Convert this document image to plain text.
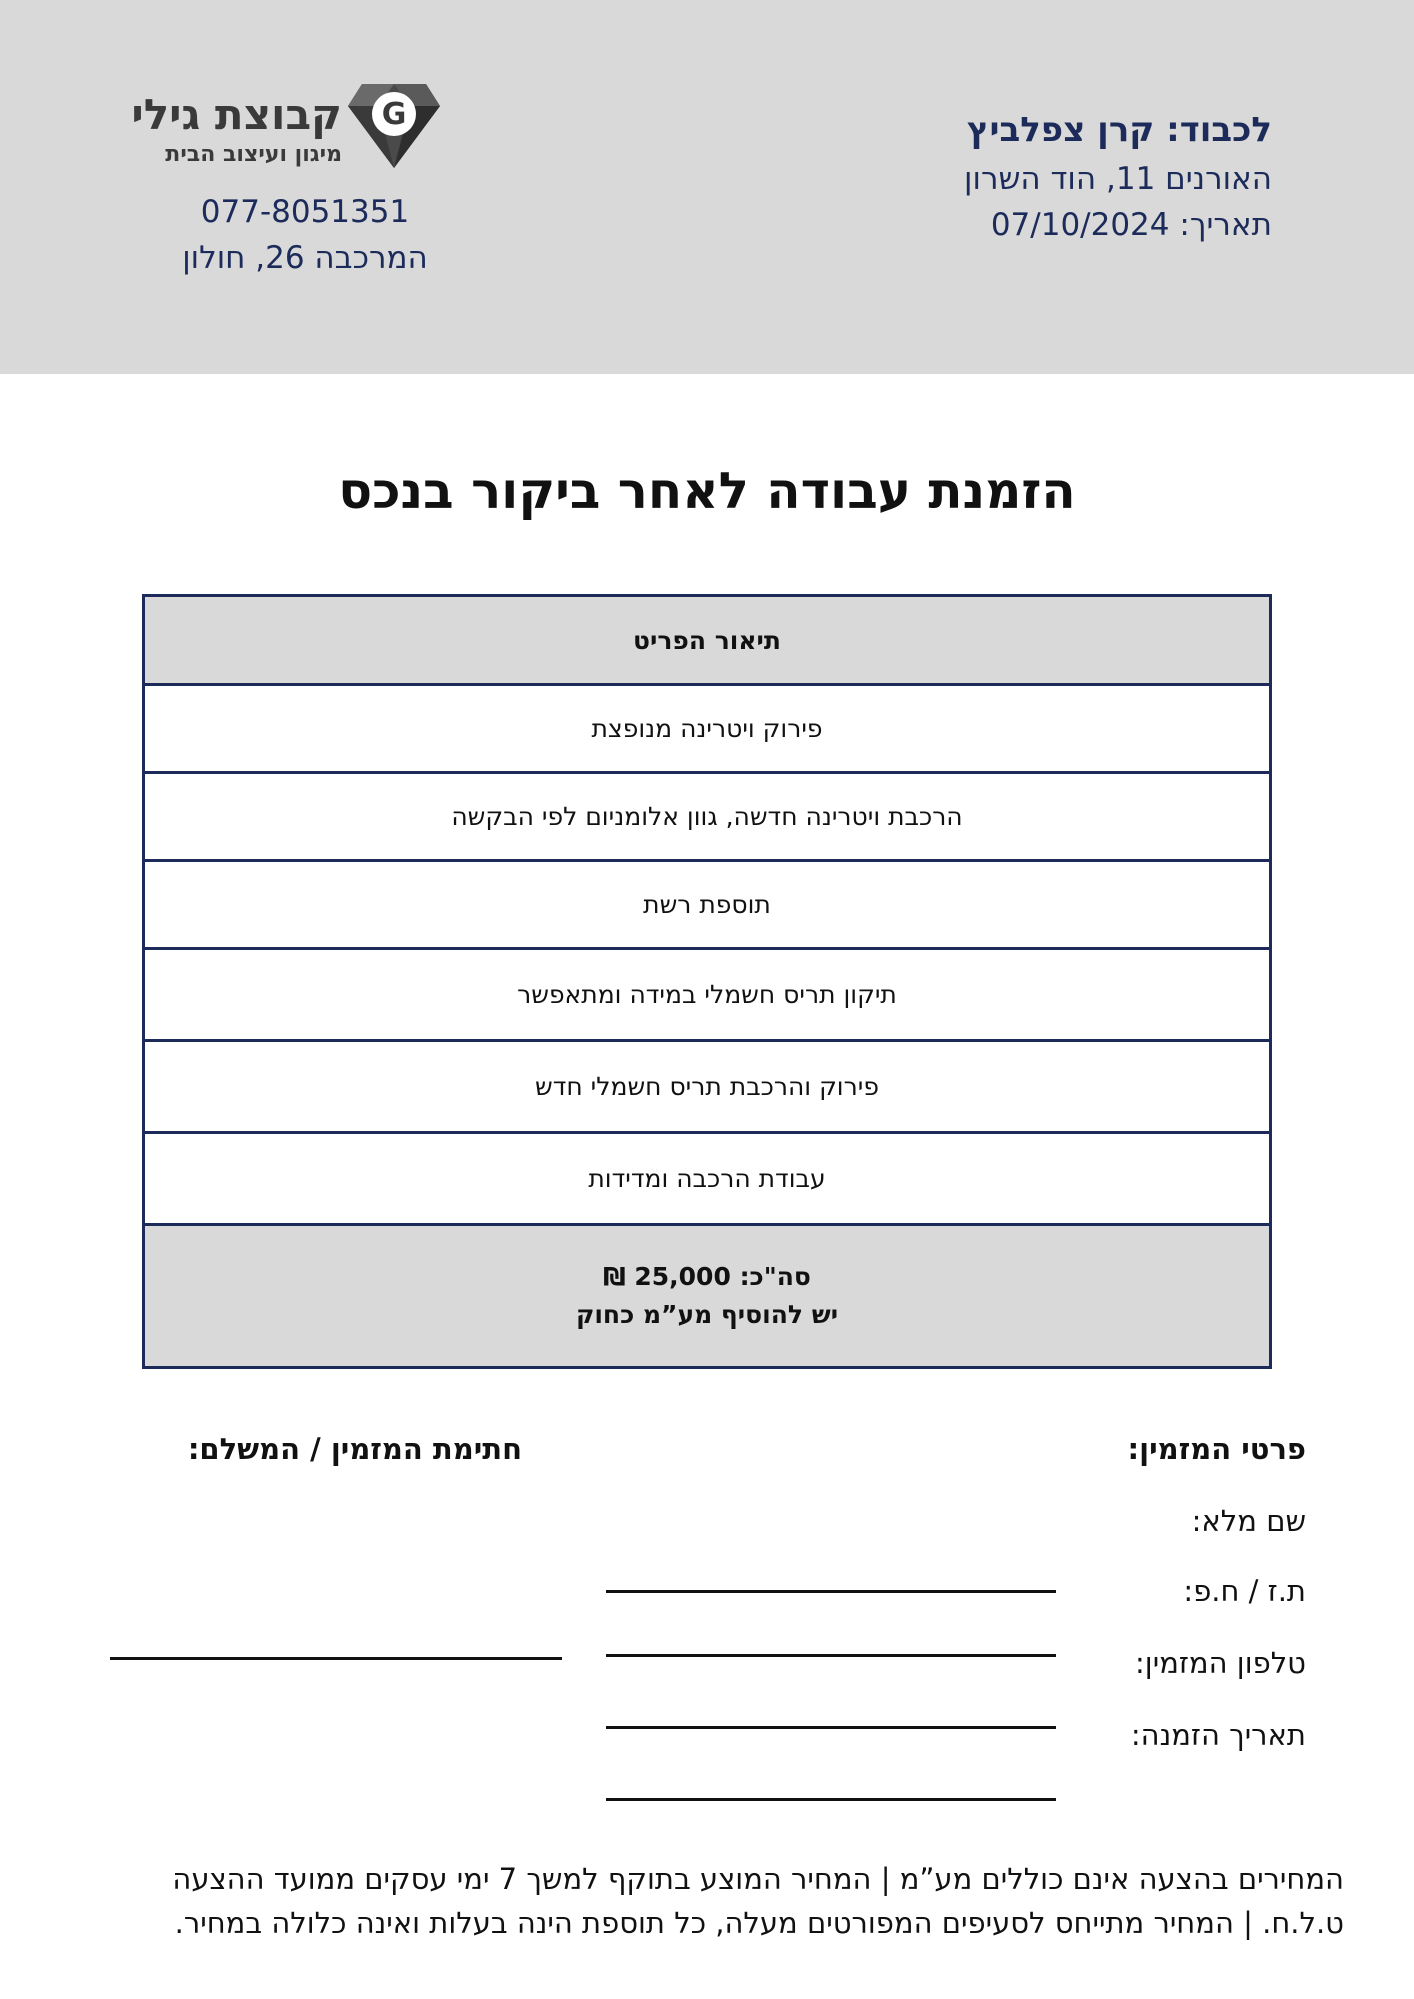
לכבוד: קרן צפלביץ
האורנים 11, הוד השרון
תאריך: 07/10/2024
G
קבוצת גילי
מיגון ועיצוב הבית
077-8051351
המרכבה 26, חולון
הזמנת עבודה לאחר ביקור בנכס
תיאור הפריט
פירוק ויטרינה מנופצת
הרכבת ויטרינה חדשה, גוון אלומניום לפי הבקשה
תוספת רשת
תיקון תריס חשמלי במידה ומתאפשר
פירוק והרכבת תריס חשמלי חדש
עבודת הרכבה ומדידות

סה"כ: 25,000 ₪
יש להוסיף מע”מ כחוק
פרטי המזמין:
שם מלא:
ת.ז / ח.פ:
טלפון המזמין:
תאריך הזמנה:
חתימת המזמין / המשלם:
המחירים בהצעה אינם כוללים מע”מ | המחיר המוצע בתוקף למשך 7 ימי עסקים ממועד ההצעה
ט.ל.ח. | המחיר מתייחס לסעיפים המפורטים מעלה, כל תוספת הינה בעלות ואינה כלולה במחיר.
